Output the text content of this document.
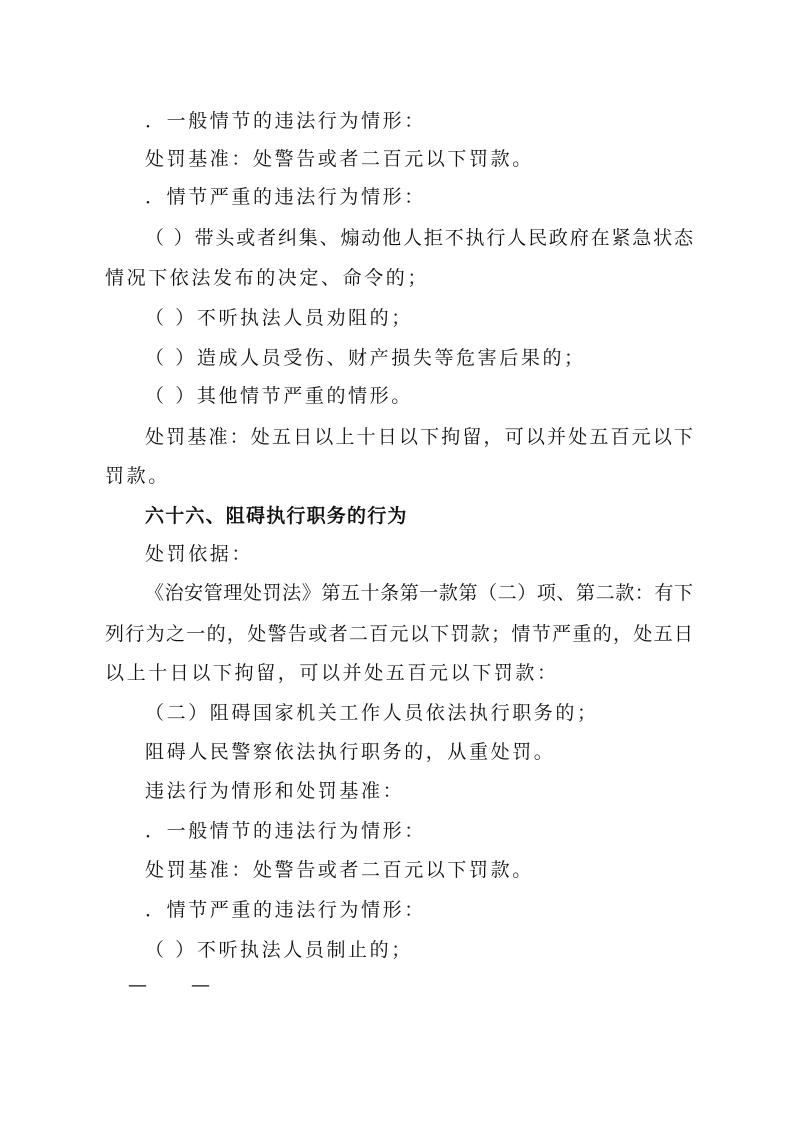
．一般情节的违法行为情形：
处罚基准：处警告或者二百元以下罚款。
．情节严重的违法行为情形：
（ ）带头或者纠集、煽动他人拒不执行人民政府在紧急状态
情况下依法发布的决定、命令的；
（ ）不听执法人员劝阻的；
（ ）造成人员受伤、财产损失等危害后果的；
（ ）其他情节严重的情形。
处罚基准：处五日以上十日以下拘留，可以并处五百元以下
罚款。
六十六、阻碍执行职务的行为
处罚依据：
《治安管理处罚法》第五十条第一款第（二）项、第二款：有下
列行为之一的，处警告或者二百元以下罚款；情节严重的，处五日
以上十日以下拘留，可以并处五百元以下罚款：
（二）阻碍国家机关工作人员依法执行职务的；
阻碍人民警察依法执行职务的，从重处罚。
违法行为情形和处罚基准：
．一般情节的违法行为情形：
处罚基准：处警告或者二百元以下罚款。
．情节严重的违法行为情形：
（ ）不听执法人员制止的；
— —
